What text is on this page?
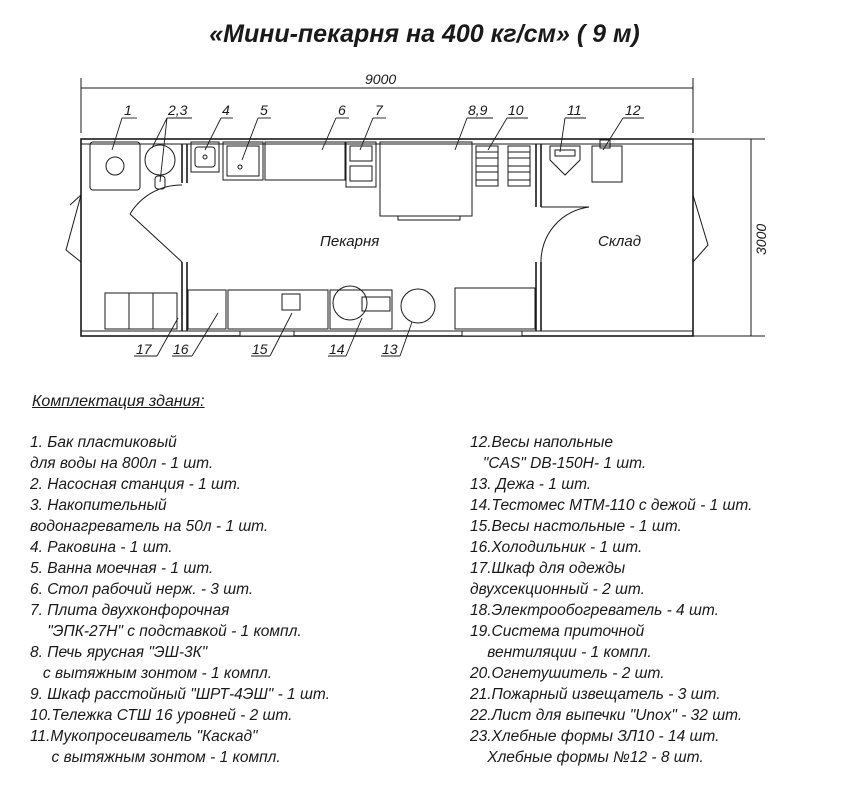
«Мини-пекарня на 400 кг/см» ( 9 м)
9000
3000
Пекарня	Склад
1	2,3 4 5	6 7	8,9 10	11	12
17 16	15	14	13
Комплектация здания:
1. Бак пластиковый
для воды на 800л - 1 шт.
2. Насосная станция - 1 шт.
3. Накопительный
водонагреватель на 50л - 1 шт.
4. Раковина - 1 шт.
5. Ванна моечная - 1 шт.
6. Стол рабочий нерж. - 3 шт.
7. Плита двухконфорочная
"ЭПК-27Н" с подставкой - 1 компл.
8. Печь ярусная "ЭШ-3К"
с вытяжным зонтом - 1 компл.
9. Шкаф расстойный "ШРТ-4ЭШ" - 1 шт.
10.Тележка СТШ 16 уровней - 2 шт.
11.Мукопросеиватель "Каскад"
с вытяжным зонтом - 1 компл.
12.Весы напольные
"CAS" DB-150Н- 1 шт.
13. Дежа - 1 шт.
14.Тестомес МТМ-110 с дежой - 1 шт.
15.Весы настольные - 1 шт.
16.Холодильник - 1 шт.
17.Шкаф для одежды
двухсекционный - 2 шт.
18.Электрообогреватель - 4 шт.
19.Система приточной
вентиляции - 1 компл.
20.Огнетушитель - 2 шт.
21.Пожарный извещатель - 3 шт.
22.Лист для выпечки "Unox" - 32 шт.
23.Хлебные формы ЗЛ10 - 14 шт.
Хлебные формы №12 - 8 шт.
